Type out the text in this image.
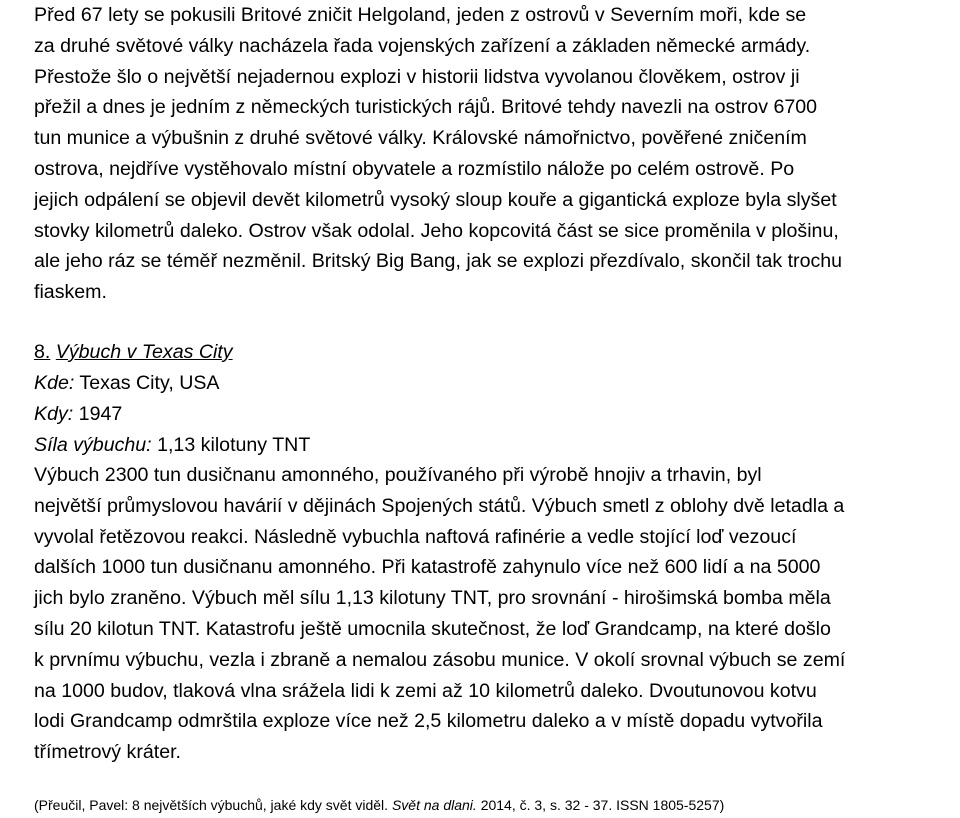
Před 67 lety se pokusili Britové zničit Helgoland, jeden z ostrovů v Severním moři, kde se
za druhé světové války nacházela řada vojenských zařízení a základen německé armády.
Přestože šlo o největší nejadernou explozi v historii lidstva vyvolanou člověkem, ostrov ji
přežil a dnes je jedním z německých turistických rájů. Britové tehdy navezli na ostrov 6700
tun munice a výbušnin z druhé světové války. Královské námořnictvo, pověřené zničením
ostrova, nejdříve vystěhovalo místní obyvatele a rozmístilo nálože po celém ostrově. Po
jejich odpálení se objevil devět kilometrů vysoký sloup kouře a gigantická exploze byla slyšet
stovky kilometrů daleko. Ostrov však odolal. Jeho kopcovitá část se sice proměnila v plošinu,
ale jeho ráz se téměř nezměnil. Britský Big Bang, jak se explozi přezdívalo, skončil tak trochu
fiaskem.

8. Výbuch v Texas City

Kde: Texas City, USA
Kdy: 1947
Síla výbuchu: 1,13 kilotuny TNT

Výbuch 2300 tun dusičnanu amonného, používaného při výrobě hnojiv a trhavin, byl
největší průmyslovou havárií v dějinách Spojených států. Výbuch smetl z oblohy dvě letadla a
vyvolal řetězovou reakci. Následně vybuchla naftová rafinérie a vedle stojící loď vezoucí
dalších 1000 tun dusičnanu amonného. Při katastrofě zahynulo více než 600 lidí a na 5000
jich bylo zraněno. Výbuch měl sílu 1,13 kilotuny TNT, pro srovnání - hirošimská bomba měla
sílu 20 kilotun TNT. Katastrofu ještě umocnila skutečnost, že loď Grandcamp, na které došlo
k prvnímu výbuchu, vezla i zbraně a nemalou zásobu munice. V okolí srovnal výbuch se zemí
na 1000 budov, tlaková vlna srážela lidi k zemi až 10 kilometrů daleko. Dvoutunovou kotvu
lodi Grandcamp odmrštila exploze více než 2,5 kilometru daleko a v místě dopadu vytvořila
třímetrový kráter.

(Přeučil, Pavel: 8 největších výbuchů, jaké kdy svět viděl. Svět na dlani. 2014, č. 3, s. 32 - 37. ISSN 1805-5257)
